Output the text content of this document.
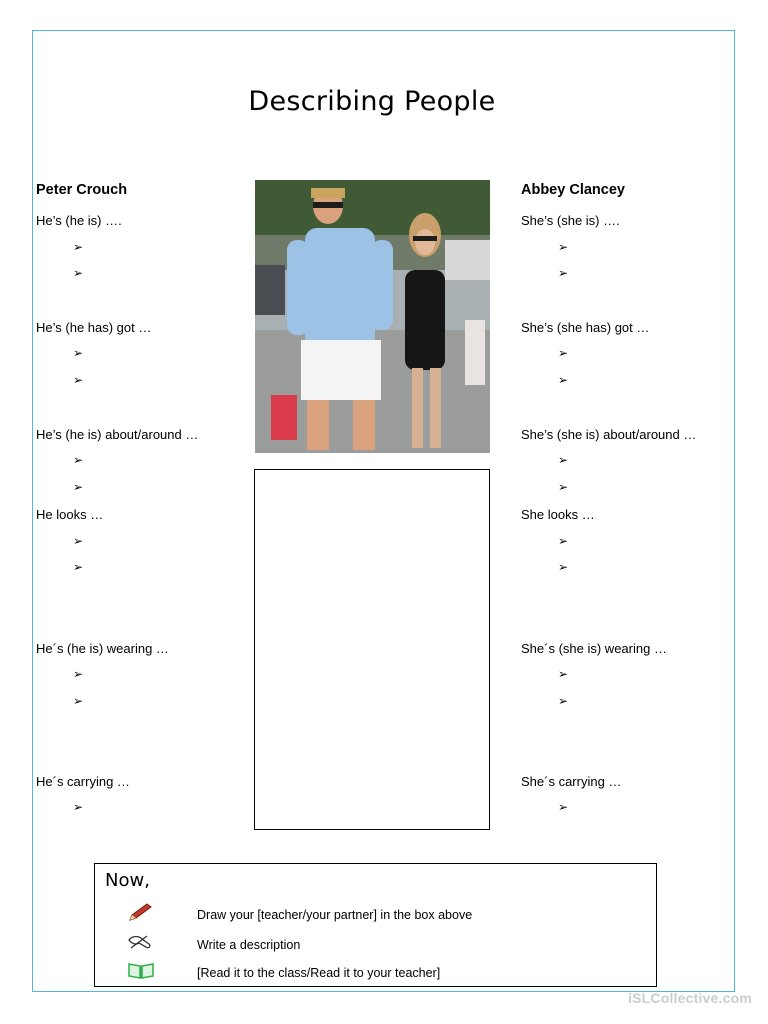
Describing People
Peter Crouch
He’s (he is) ….
➢
➢
He’s (he has) got …
➢
➢
He’s (he is) about/around …
➢
➢
He looks …
➢
➢
He´s (he is) wearing …
➢
➢
He´s carrying …
➢
Abbey Clancey
She’s (she is) ….
➢
➢
She’s (she has) got …
➢
➢
She’s (she is) about/around …
➢
➢
She looks …
➢
➢
She´s (she is) wearing …
➢
➢
She´s carrying …
➢
Now,
Draw your [teacher/your partner] in the box above
Write a description
[Read it to the class/Read it to your teacher]
iSLCollective.com
